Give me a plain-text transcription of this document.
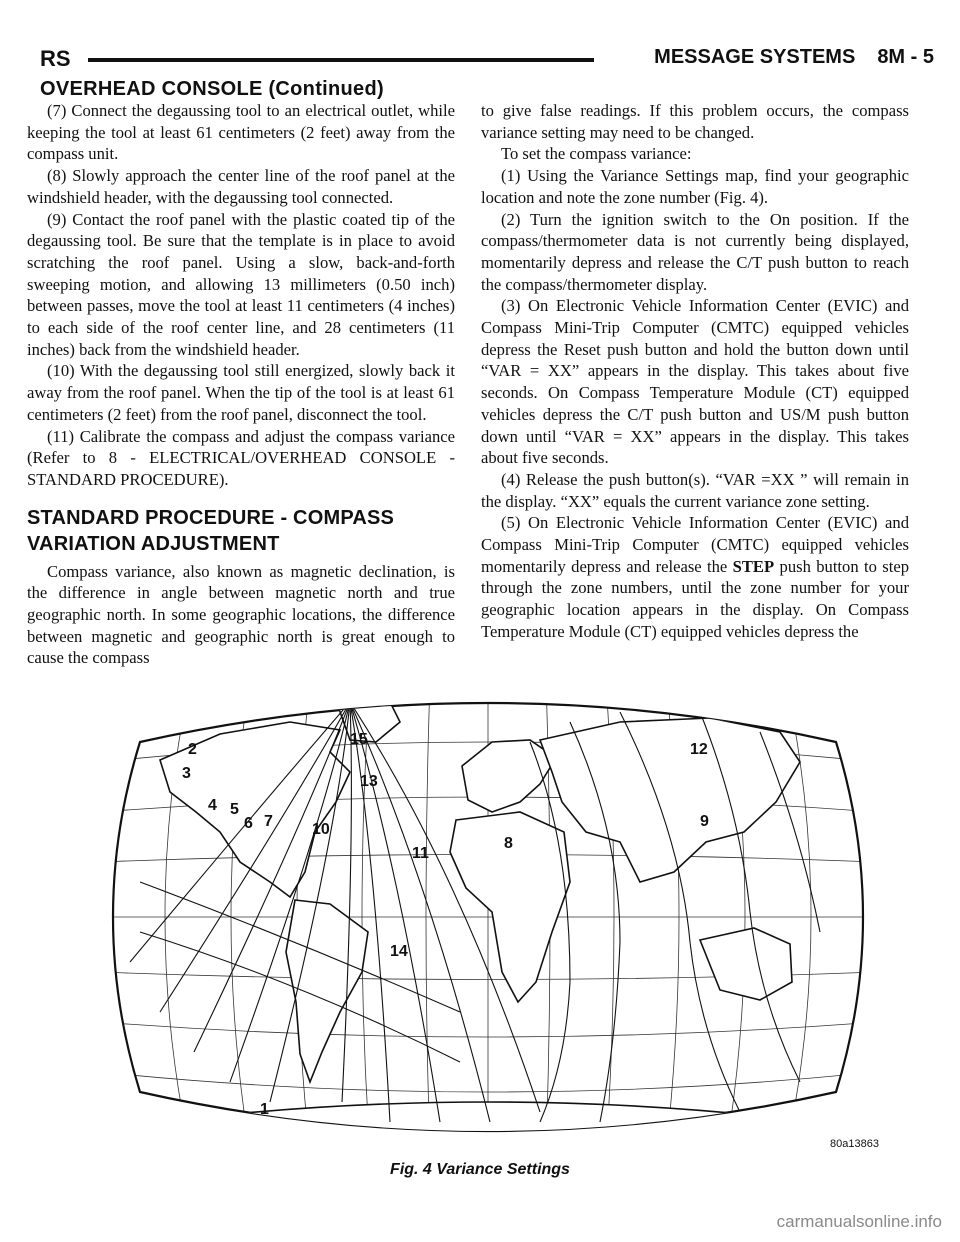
RS	MESSAGE SYSTEMS 8M - 5
OVERHEAD CONSOLE (Continued)

(7) Connect the degaussing tool to an electrical outlet, while keeping the tool at least 61 centimeters (2 feet) away from the compass unit.

(8) Slowly approach the center line of the roof panel at the windshield header, with the degaussing tool connected.

(9) Contact the roof panel with the plastic coated tip of the degaussing tool. Be sure that the template is in place to avoid scratching the roof panel. Using a slow, back-and-forth sweeping motion, and allowing 13 millimeters (0.50 inch) between passes, move the tool at least 11 centimeters (4 inches) to each side of the roof center line, and 28 centimeters (11 inches) back from the windshield header.

(10) With the degaussing tool still energized, slowly back it away from the roof panel. When the tip of the tool is at least 61 centimeters (2 feet) from the roof panel, disconnect the tool.

(11) Calibrate the compass and adjust the compass variance (Refer to 8 - ELECTRICAL/OVERHEAD CONSOLE - STANDARD PROCEDURE).

STANDARD PROCEDURE - COMPASS VARIATION ADJUSTMENT

Compass variance, also known as magnetic declination, is the difference in angle between magnetic north and true geographic north. In some geographic locations, the difference between magnetic and geographic north is great enough to cause the compass

to give false readings. If this problem occurs, the compass variance setting may need to be changed.

To set the compass variance:

(1) Using the Variance Settings map, find your geographic location and note the zone number (Fig. 4).

(2) Turn the ignition switch to the On position. If the compass/thermometer data is not currently being displayed, momentarily depress and release the C/T push button to reach the compass/thermometer display.

(3) On Electronic Vehicle Information Center (EVIC) and Compass Mini-Trip Computer (CMTC) equipped vehicles depress the Reset push button and hold the button down until “VAR = XX” appears in the display. This takes about five seconds. On Compass Temperature Module (CT) equipped vehicles depress the C/T push button and US/M push button down until “VAR = XX” appears in the display. This takes about five seconds.

(4) Release the push button(s). “VAR =XX ” will remain in the display. “XX” equals the current variance zone setting.

(5) On Electronic Vehicle Information Center (EVIC) and Compass Mini-Trip Computer (CMTC) equipped vehicles momentarily depress and release the STEP push button to step through the zone numbers, until the zone number for your geographic location appears in the display. On Compass Temperature Module (CT) equipped vehicles depress the

1
2
3
4 5
6 7
8
9
10
11
12
13
14
15
80a13863
Fig. 4 Variance Settings
carmanualsonline.info
